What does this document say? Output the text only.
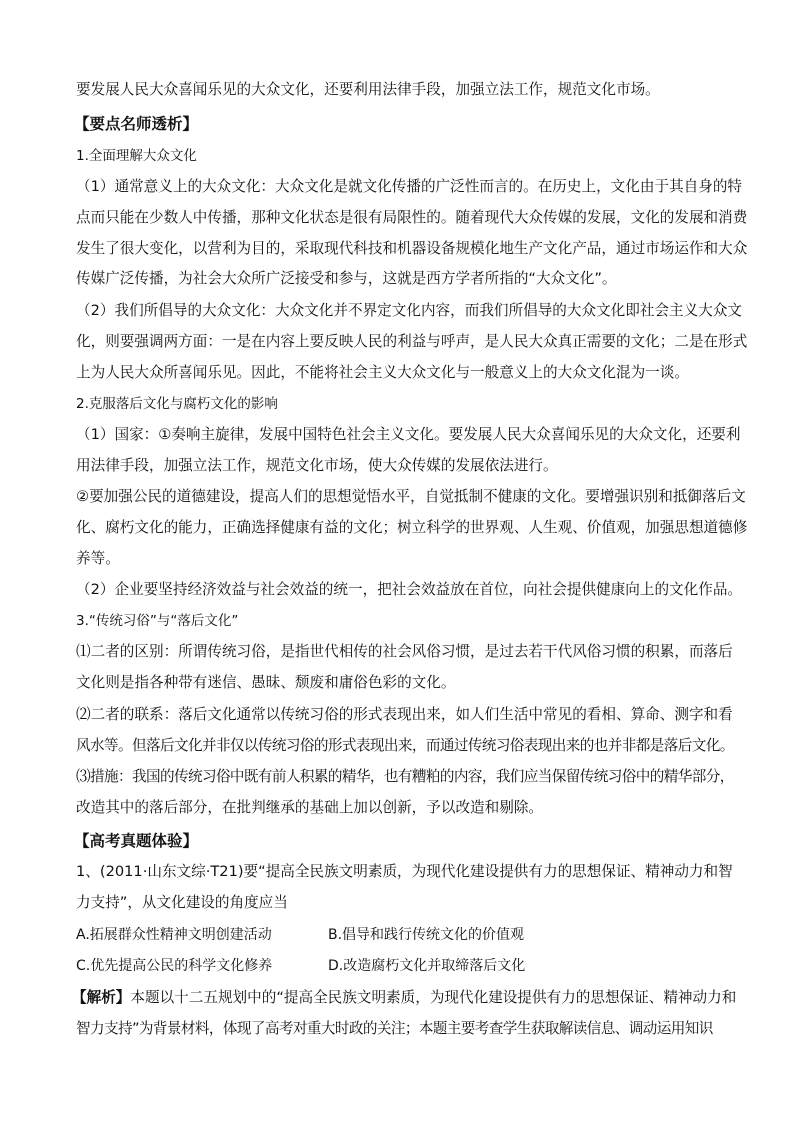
要发展人民大众喜闻乐见的大众文化，还要利用法律手段，加强立法工作，规范文化市场。
【要点名师透析】
1.全面理解大众文化
（1）通常意义上的大众文化：大众文化是就文化传播的广泛性而言的。在历史上，文化由于其自身的特
点而只能在少数人中传播，那种文化状态是很有局限性的。随着现代大众传媒的发展，文化的发展和消费
发生了很大变化，以营利为目的，采取现代科技和机器设备规模化地生产文化产品，通过市场运作和大众
传媒广泛传播，为社会大众所广泛接受和参与，这就是西方学者所指的“大众文化”。
（2）我们所倡导的大众文化：大众文化并不界定文化内容，而我们所倡导的大众文化即社会主义大众文
化，则要强调两方面：一是在内容上要反映人民的利益与呼声，是人民大众真正需要的文化；二是在形式
上为人民大众所喜闻乐见。因此，不能将社会主义大众文化与一般意义上的大众文化混为一谈。
2.克服落后文化与腐朽文化的影响
（1）国家：①奏响主旋律，发展中国特色社会主义文化。要发展人民大众喜闻乐见的大众文化，还要利
用法律手段，加强立法工作，规范文化市场，使大众传媒的发展依法进行。
②要加强公民的道德建设，提高人们的思想觉悟水平，自觉抵制不健康的文化。要增强识别和抵御落后文
化、腐朽文化的能力，正确选择健康有益的文化；树立科学的世界观、人生观、价值观，加强思想道德修
养等。
（2）企业要坚持经济效益与社会效益的统一，把社会效益放在首位，向社会提供健康向上的文化作品。
3.“传统习俗”与“落后文化”
⑴二者的区别：所谓传统习俗，是指世代相传的社会风俗习惯，是过去若干代风俗习惯的积累，而落后
文化则是指各种带有迷信、愚昧、颓废和庸俗色彩的文化。
⑵二者的联系：落后文化通常以传统习俗的形式表现出来，如人们生活中常见的看相、算命、测字和看
风水等。但落后文化并非仅以传统习俗的形式表现出来，而通过传统习俗表现出来的也并非都是落后文化。
⑶措施：我国的传统习俗中既有前人积累的精华，也有糟粕的内容，我们应当保留传统习俗中的精华部分，
改造其中的落后部分，在批判继承的基础上加以创新，予以改造和剔除。
【高考真题体验】
1、(2011·山东文综·T21)要“提高全民族文明素质，为现代化建设提供有力的思想保证、精神动力和智
力支持”，从文化建设的角度应当
A.拓展群众性精神文明创建活动	B.倡导和践行传统文化的价值观
C.优先提高公民的科学文化修养	D.改造腐朽文化并取缔落后文化
【解析】本题以十二五规划中的“提高全民族文明素质，为现代化建设提供有力的思想保证、精神动力和
智力支持”为背景材料，体现了高考对重大时政的关注；本题主要考查学生获取解读信息、调动运用知识
